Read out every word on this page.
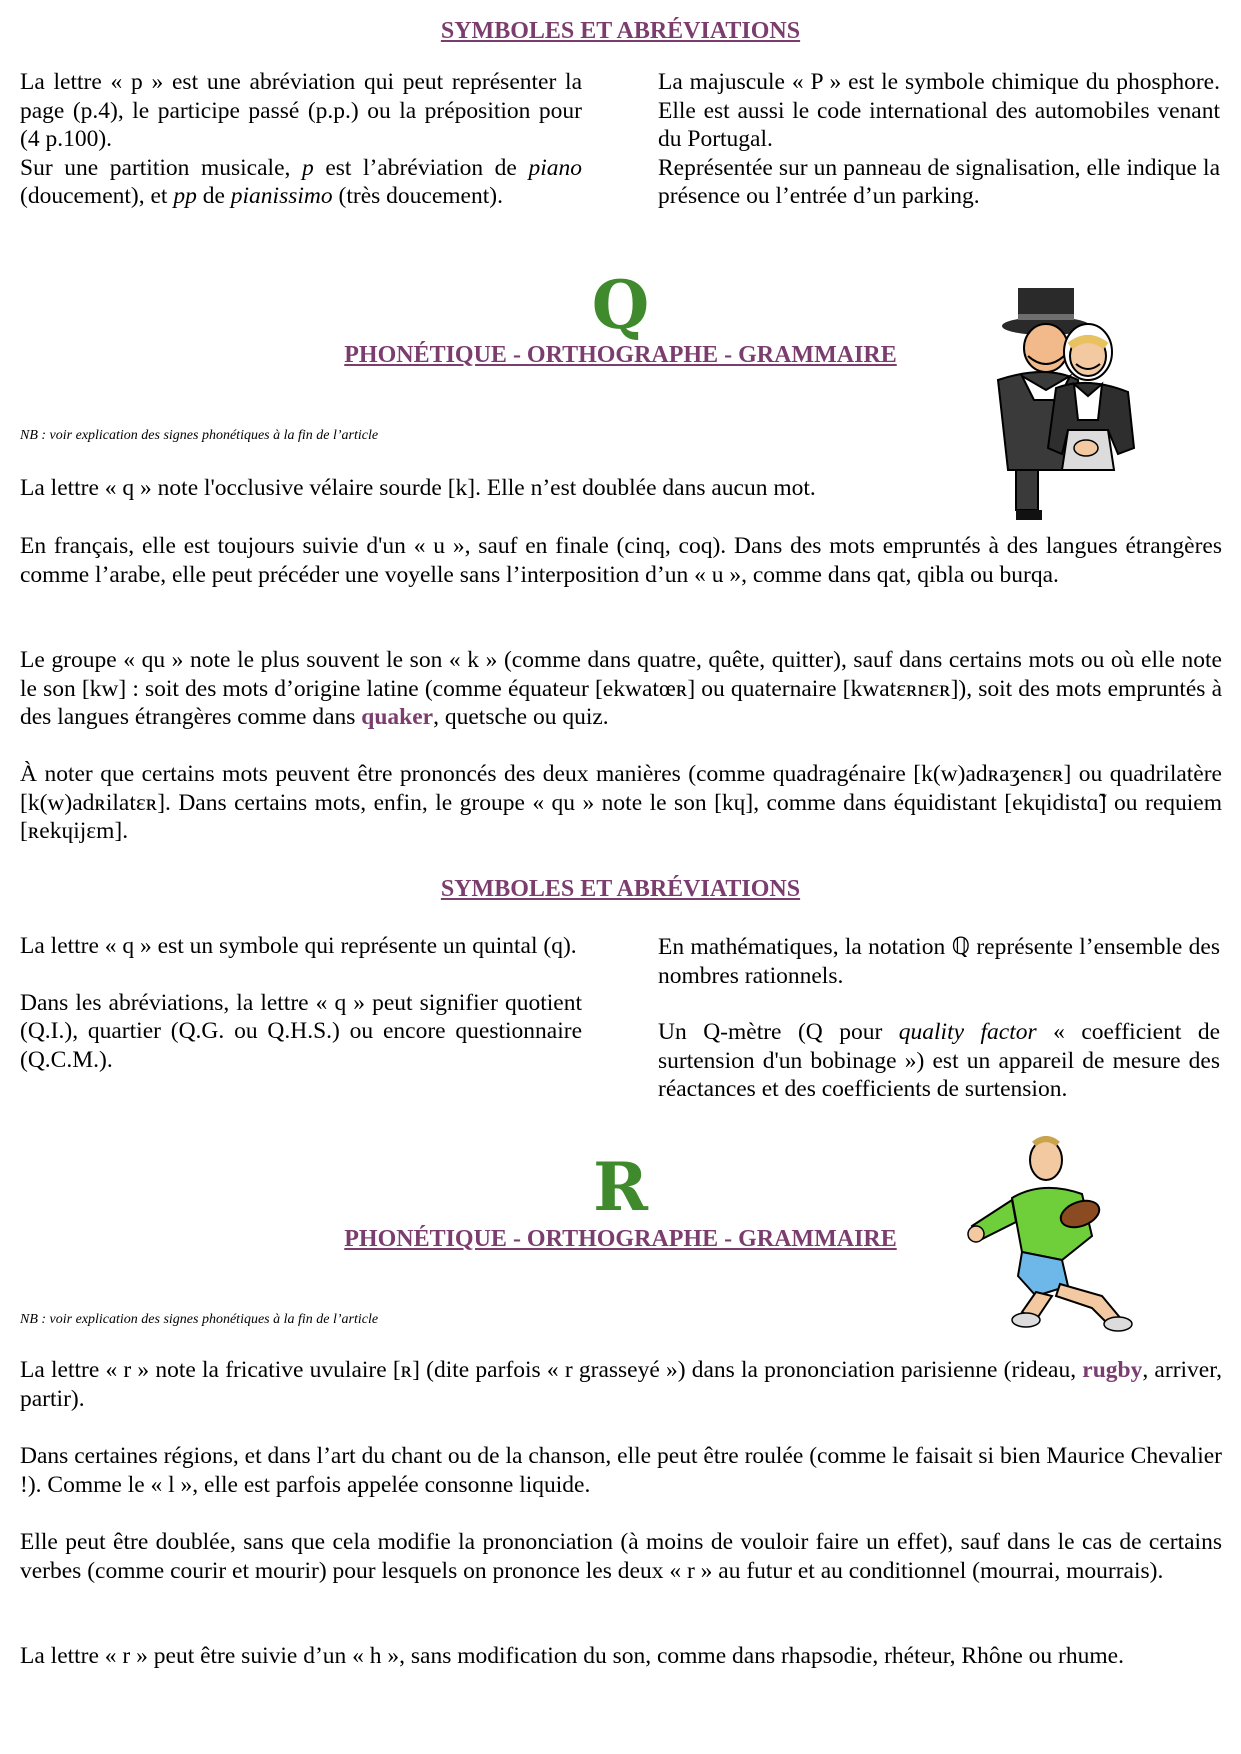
SYMBOLES ET ABRÉVIATIONS
La lettre « p » est une abréviation qui peut représenter la page (p.4), le participe passé (p.p.) ou la préposition pour (4 p.100).
Sur une partition musicale, p est l’abréviation de piano (doucement), et pp de pianissimo (très doucement).
La majuscule « P » est le symbole chimique du phosphore. Elle est aussi le code international des automobiles venant du Portugal.
Représentée sur un panneau de signalisation, elle indique la présence ou l’entrée d’un parking.
Q
PHONÉTIQUE - ORTHOGRAPHE - GRAMMAIRE
NB : voir explication des signes phonétiques à la fin de l’article

La lettre « q » note l'occlusive vélaire sourde [k]. Elle n’est doublée dans aucun mot.

En français, elle est toujours suivie d'un « u », sauf en finale (cinq, coq). Dans des mots empruntés à des langues étrangères comme l’arabe, elle peut précéder une voyelle sans l’interposition d’un « u », comme dans qat, qibla ou burqa.

Le groupe « qu » note le plus souvent le son « k » (comme dans quatre, quête, quitter), sauf dans certains mots ou où elle note le son [kw] : soit des mots d’origine latine (comme équateur [ekwatœʀ] ou quaternaire [kwatɛʀnɛʀ]), soit des mots empruntés à des langues étrangères comme dans quaker, quetsche ou quiz.

À noter que certains mots peuvent être prononcés des deux manières (comme quadragénaire [k(w)adʀaʒenɛʀ] ou quadrilatère [k(w)adʀilatɛʀ]. Dans certains mots, enfin, le groupe « qu » note le son [kɥ], comme dans équidistant [ekɥidistɑ̃] ou requiem [ʀekɥijɛm].

SYMBOLES ET ABRÉVIATIONS
La lettre « q » est un symbole qui représente un quintal (q).
Dans les abréviations, la lettre « q » peut signifier quotient (Q.I.), quartier (Q.G. ou Q.H.S.) ou encore questionnaire (Q.C.M.).
En mathématiques, la notation ℚ représente l’ensemble des nombres rationnels.
Un Q-mètre (Q pour quality factor « coefficient de surtension d'un bobinage ») est un appareil de mesure des réactances et des coefficients de surtension.
R
PHONÉTIQUE - ORTHOGRAPHE - GRAMMAIRE
NB : voir explication des signes phonétiques à la fin de l’article

La lettre « r » note la fricative uvulaire [ʀ] (dite parfois « r grasseyé ») dans la prononciation parisienne (rideau, rugby, arriver, partir).

Dans certaines régions, et dans l’art du chant ou de la chanson, elle peut être roulée (comme le faisait si bien Maurice Chevalier !). Comme le « l », elle est parfois appelée consonne liquide.

Elle peut être doublée, sans que cela modifie la prononciation (à moins de vouloir faire un effet), sauf dans le cas de certains verbes (comme courir et mourir) pour lesquels on prononce les deux « r » au futur et au conditionnel (mourrai, mourrais).

La lettre « r » peut être suivie d’un « h », sans modification du son, comme dans rhapsodie, rhéteur, Rhône ou rhume.
